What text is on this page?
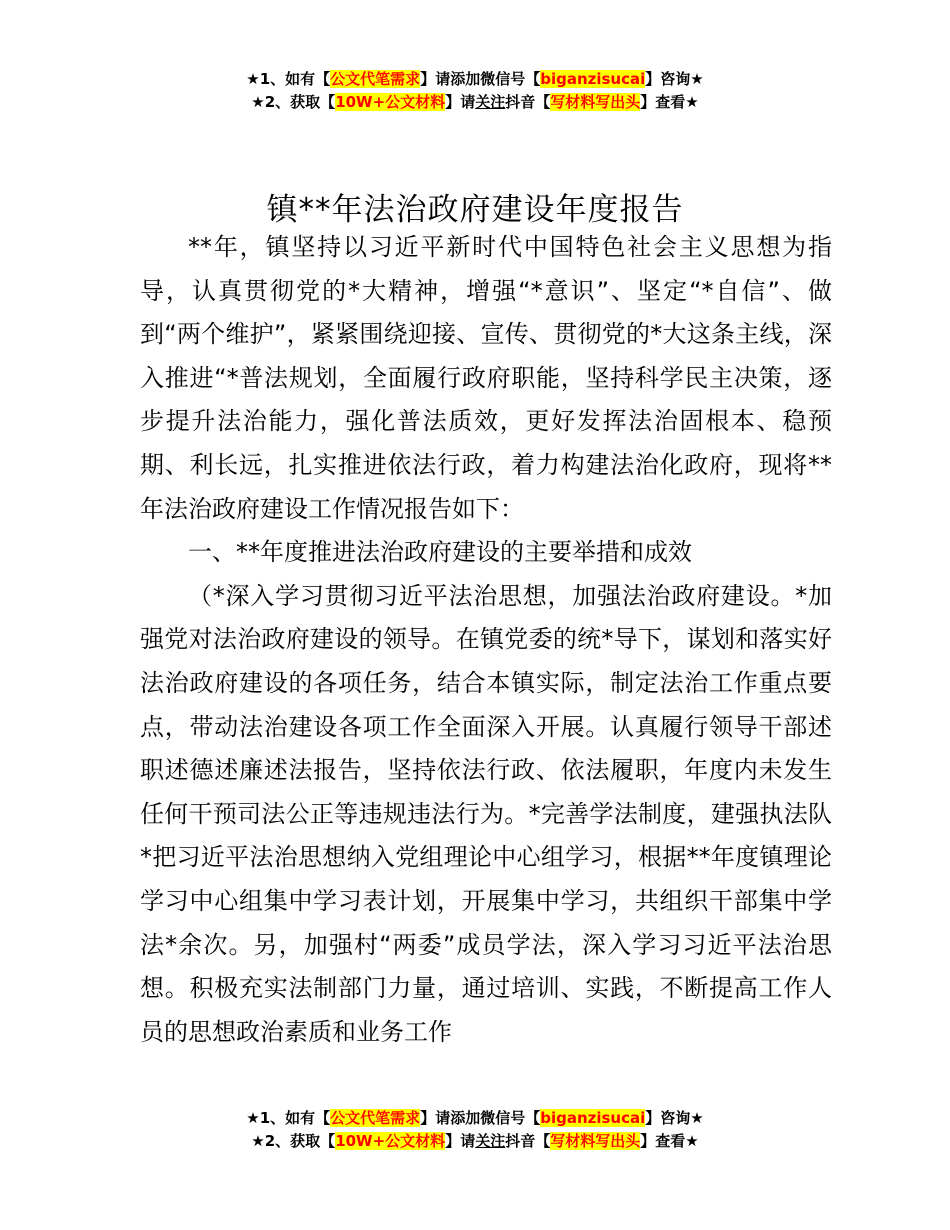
★1、如有【公文代笔需求】请添加微信号【biganzisucai】咨询★
★2、获取【10W+公文材料】请关注抖音【写材料写出头】查看★
镇**年法治政府建设年度报告

**年，镇坚持以习近平新时代中国特色社会主义思想为指导，认真贯彻党的*大精神，增强“*意识”、坚定“*自信”、做到“两个维护”，紧紧围绕迎接、宣传、贯彻党的*大这条主线，深入推进“*普法规划，全面履行政府职能，坚持科学民主决策，逐步提升法治能力，强化普法质效，更好发挥法治固根本、稳预期、利长远，扎实推进依法行政，着力构建法治化政府，现将**年法治政府建设工作情况报告如下：

一、**年度推进法治政府建设的主要举措和成效

（*深入学习贯彻习近平法治思想，加强法治政府建设。*加强党对法治政府建设的领导。在镇党委的统*导下，谋划和落实好法治政府建设的各项任务，结合本镇实际，制定法治工作重点要点，带动法治建设各项工作全面深入开展。认真履行领导干部述职述德述廉述法报告，坚持依法行政、依法履职，年度内未发生任何干预司法公正等违规违法行为。*完善学法制度，建强执法队*把习近平法治思想纳入党组理论中心组学习，根据**年度镇理论学习中心组集中学习表计划，开展集中学习，共组织干部集中学法*余次。另，加强村“两委”成员学法，深入学习习近平法治思想。积极充实法制部门力量，通过培训、实践，不断提高工作人员的思想政治素质和业务工作

★1、如有【公文代笔需求】请添加微信号【biganzisucai】咨询★
★2、获取【10W+公文材料】请关注抖音【写材料写出头】查看★
